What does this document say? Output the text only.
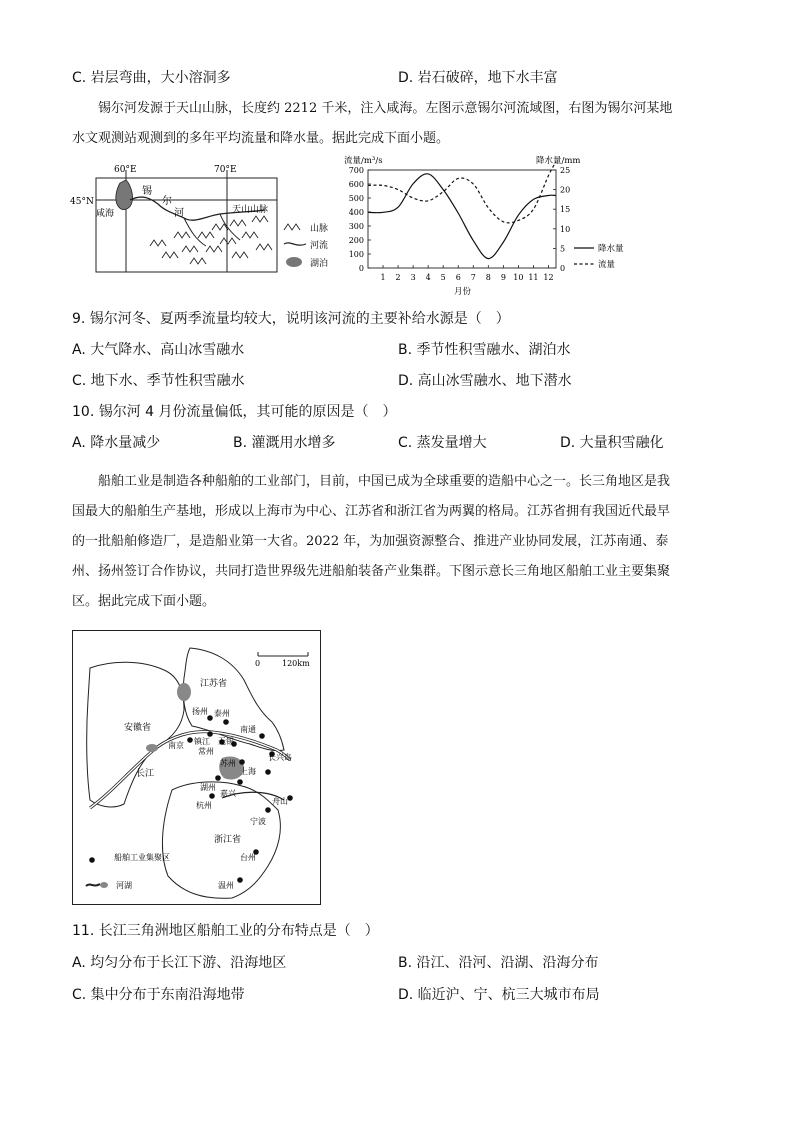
C. 岩层弯曲，大小溶洞多	D. 岩石破碎，地下水丰富

锡尔河发源于天山山脉，长度约 2212 千米，注入咸海。左图示意锡尔河流域图，右图为锡尔河某地

水文观测站观测到的多年平均流量和降水量。据此完成下面小题。
60°E	70°E
45°N
咸海
锡
尔
河	天山山脉
山脉
河流
湖泊
流量/m³/s	降水量/mm
月份
0
100
200
300
400
500
600
700
0
5
10
15
20
25
1 2 3 4 5 6 7 8 9 10 11 12
降水量
流量
9. 锡尔河冬、夏两季流量均较大，说明该河流的主要补给水源是（　）
A. 大气降水、高山冰雪融水	B. 季节性积雪融水、湖泊水
C. 地下水、季节性积雪融水	D. 高山冰雪融水、地下潜水
10. 锡尔河 4 月份流量偏低，其可能的原因是（　）
A. 降水量减少	B. 灌溉用水增多	C. 蒸发量增大	D. 大量积雪融化

船舶工业是制造各种船舶的工业部门，目前，中国已成为全球重要的造船中心之一。长三角地区是我

国最大的船舶生产基地，形成以上海市为中心、江苏省和浙江省为两翼的格局。江苏省拥有我国近代最早
的一批船舶修造厂，是造船业第一大省。2022 年，为加强资源整合、推进产业协同发展，江苏南通、泰
州、扬州签订合作协议，共同打造世界级先进船舶装备产业集群。下图示意长三角地区船舶工业主要集聚
区。据此完成下面小题。
0	120km
江苏省
安徽省
浙江省
长江
扬州 泰州
南通
镇江
南京
常州
无锡
苏州
长兴岛
上海
湖州
嘉兴
杭州	舟山
宁波
台州
温州
船舶工业集聚区
河湖
11. 长江三角洲地区船舶工业的分布特点是（　）
A. 均匀分布于长江下游、沿海地区	B. 沿江、沿河、沿湖、沿海分布
C. 集中分布于东南沿海地带	D. 临近沪、宁、杭三大城市布局
